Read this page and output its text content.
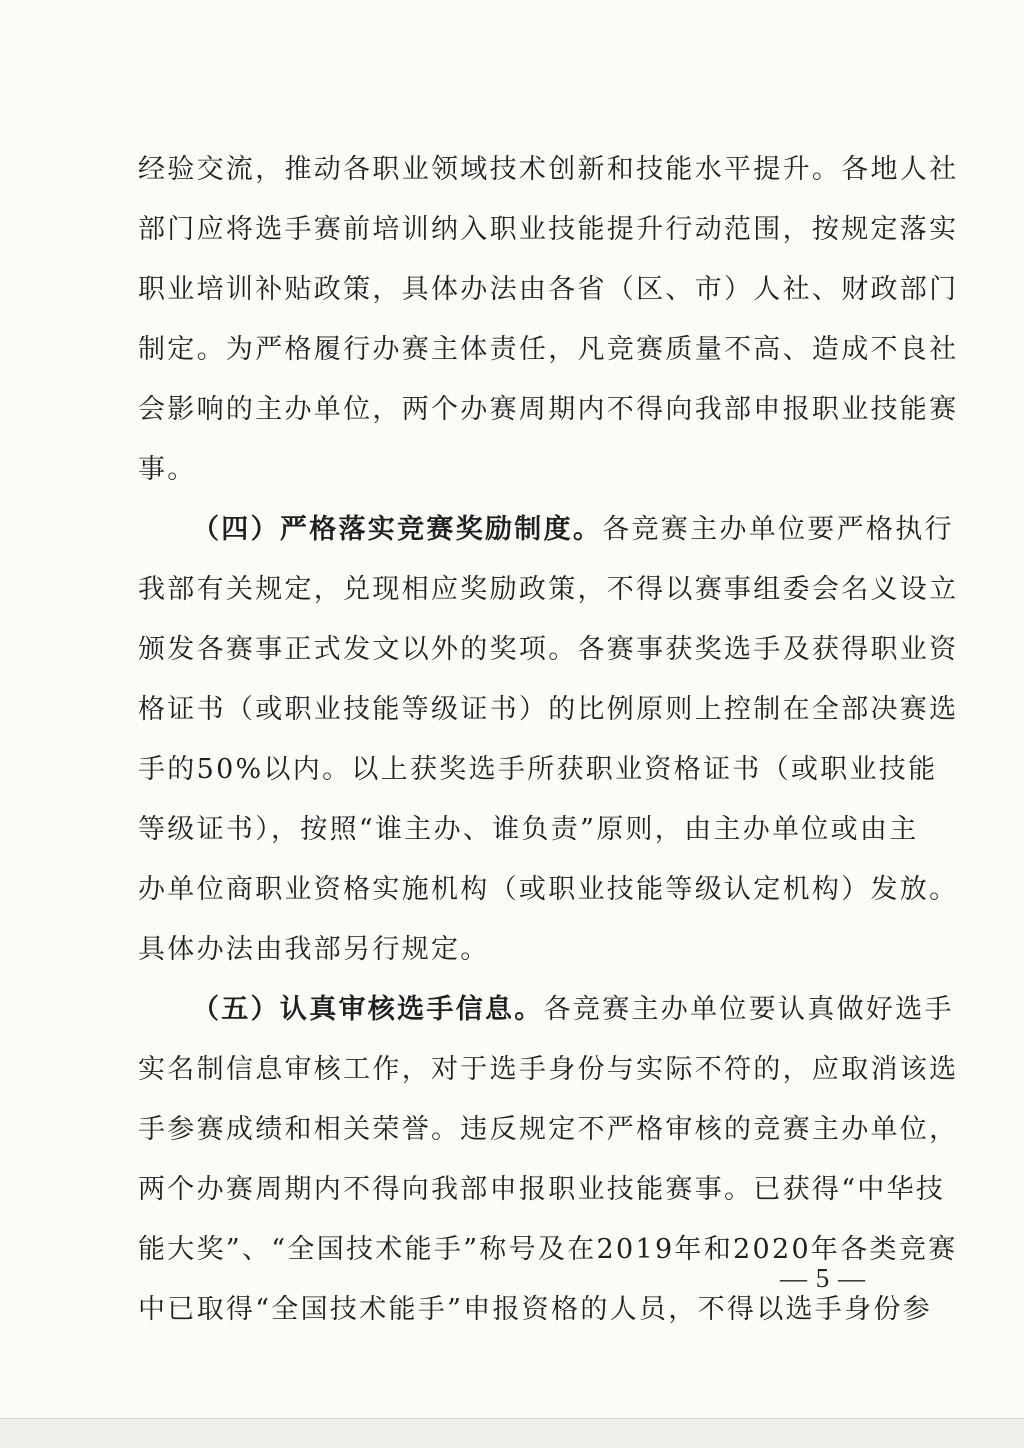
经验交流，推动各职业领域技术创新和技能水平提升。各地人社
部门应将选手赛前培训纳入职业技能提升行动范围，按规定落实
职业培训补贴政策，具体办法由各省（区、市）人社、财政部门
制定。为严格履行办赛主体责任，凡竞赛质量不高、造成不良社
会影响的主办单位，两个办赛周期内不得向我部申报职业技能赛
事。
（四）严格落实竞赛奖励制度。各竞赛主办单位要严格执行
我部有关规定，兑现相应奖励政策，不得以赛事组委会名义设立
颁发各赛事正式发文以外的奖项。各赛事获奖选手及获得职业资
格证书（或职业技能等级证书）的比例原则上控制在全部决赛选
手的50%以内。以上获奖选手所获职业资格证书（或职业技能
等级证书），按照“谁主办、谁负责”原则，由主办单位或由主
办单位商职业资格实施机构（或职业技能等级认定机构）发放。
具体办法由我部另行规定。
（五）认真审核选手信息。各竞赛主办单位要认真做好选手
实名制信息审核工作，对于选手身份与实际不符的，应取消该选
手参赛成绩和相关荣誉。违反规定不严格审核的竞赛主办单位，
两个办赛周期内不得向我部申报职业技能赛事。已获得“中华技
能大奖”、“全国技术能手”称号及在2019年和2020年各类竞赛
中已取得“全国技术能手”申报资格的人员，不得以选手身份参
— 5 —
